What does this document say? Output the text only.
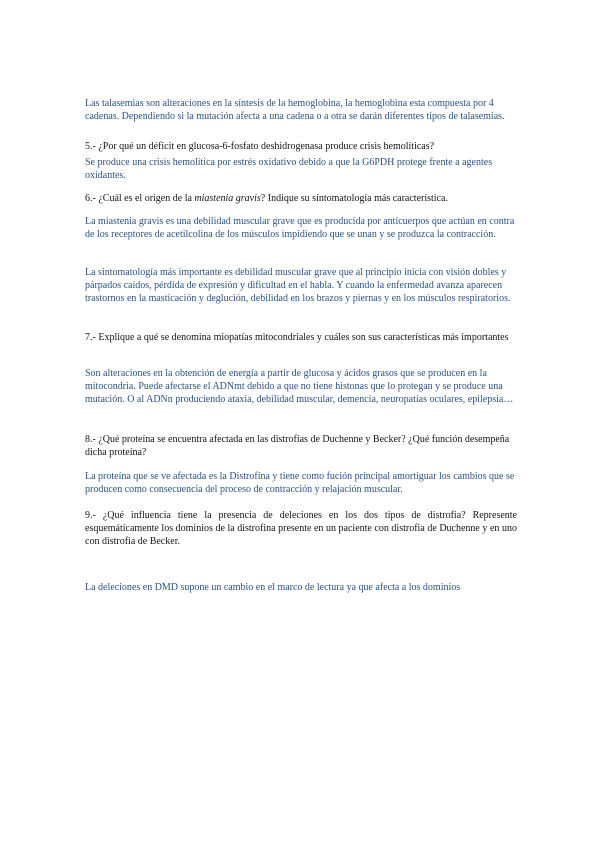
Las talasemias son alteraciones en la síntesis de la hemoglobina, la hemoglobina esta compuesta por 4 cadenas. Dependiendo si la mutación afecta a una cadena o a otra se darán diferentes tipos de talasemias.

5.- ¿Por qué un déficit en glucosa-6-fosfato deshidrogenasa produce crisis hemolíticas?

Se produce una crisis hemolítica por estrés oxidativo debido a que la G6PDH protege frente a agentes oxidantes.

6.- ¿Cuál es el origen de la miastenia gravis? Indique su sintomatología más característica.

La miastenia gravis es una debilidad muscular grave que es producida por anticuerpos que actúan en contra de los receptores de acetilcolina de los músculos impidiendo que se unan y se produzca la contracción.

La sintomatología más importante es debilidad muscular grave que al principio inicia con visión dobles y párpados caídos, pérdida de expresión y dificultad en el habla. Y cuando la enfermedad avanza aparecen trastornos en la masticación y deglución, debilidad en los brazos y piernas y en los músculos respiratorios.

7.- Explique a qué se denomina miopatías mitocondriales y cuáles son sus características más importantes

Son alteraciones en la obtención de energía a partir de glucosa y ácidos grasos que se producen en la mitocondria. Puede afectarse el ADNmt debido a que no tiene histonas que lo protegan y se produce una mutación. O al ADNn produciendo ataxia, debilidad muscular, demencia, neuropatías oculares, epilepsia…

8.- ¿Qué proteína se encuentra afectada en las distrofias de Duchenne y Becker? ¿Qué función desempeña dicha proteína?

La proteína que se ve afectada es la Distrofina y tiene como fución principal amortiguar los cambios que se producen como consecuencia del proceso de contracción y relajación muscular.

9.- ¿Qué influencia tiene la presencia de deleciones en los dos tipos de distrofia? Represente esquemáticamente los dominios de la distrofina presente en un paciente con distrofia de Duchenne y en uno con distrofia de Becker.

La deleciones en DMD supone un cambio en el marco de lectura ya que afecta a los dominios
